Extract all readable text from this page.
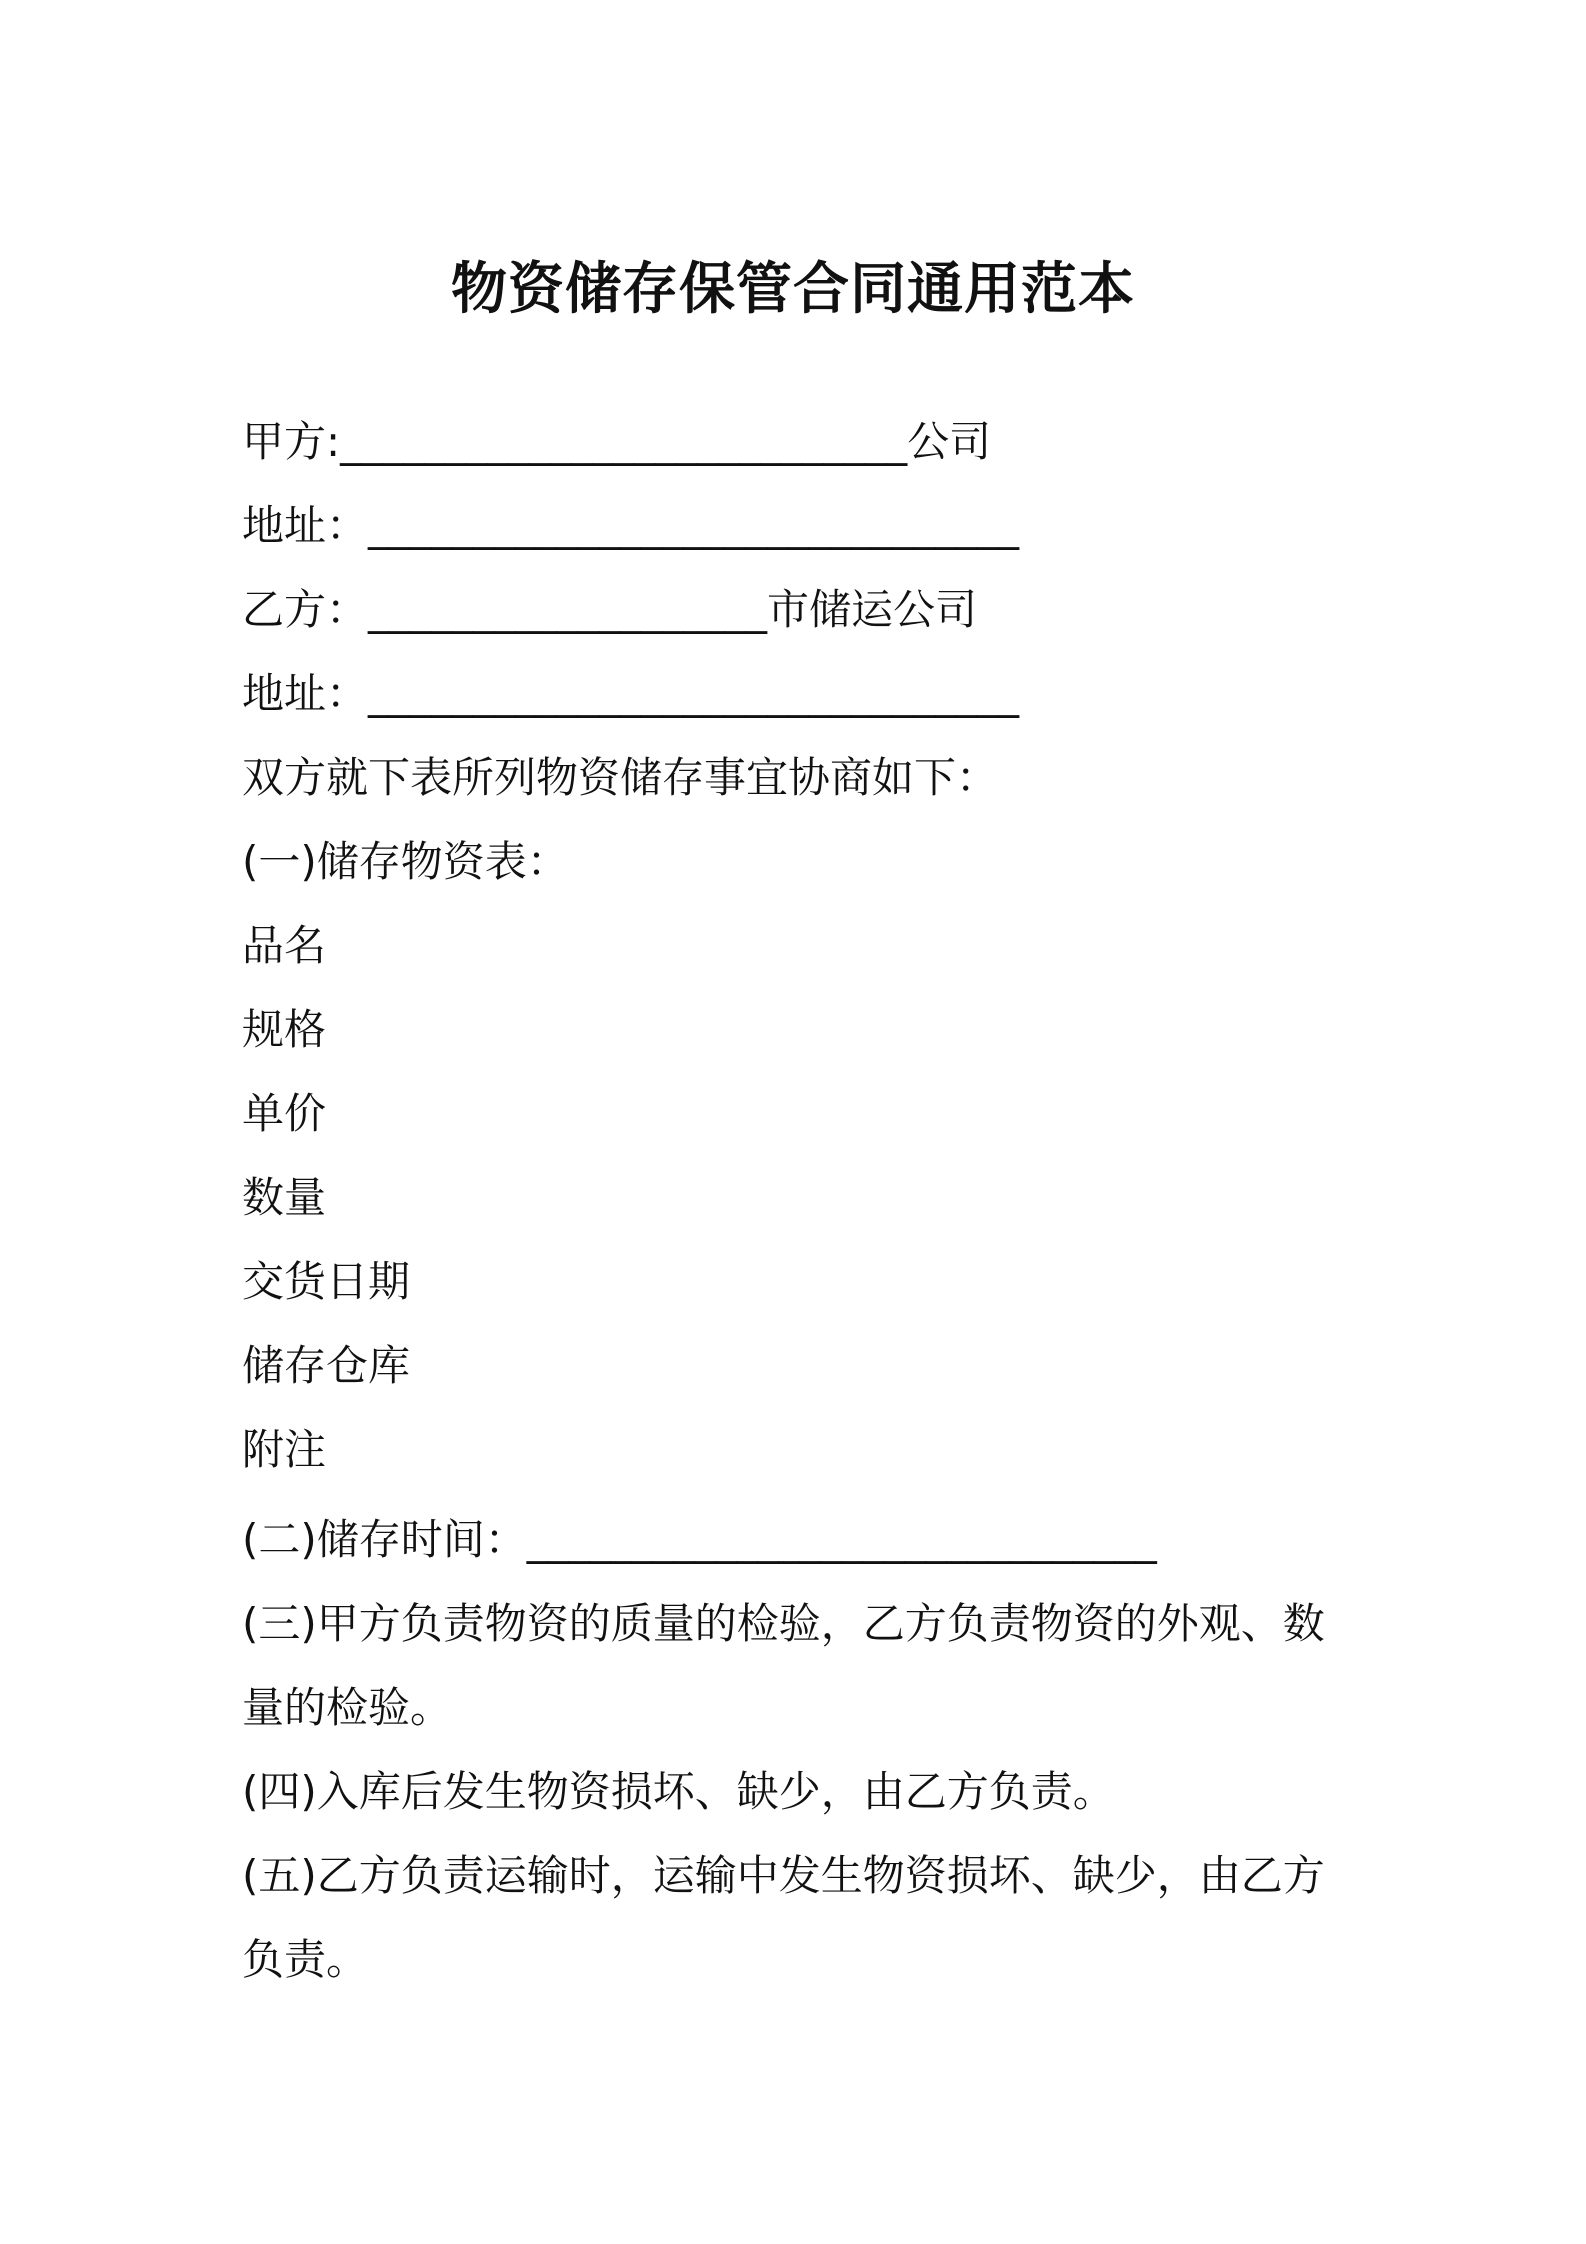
物资储存保管合同通用范本

甲方:___________________________公司

地址：_______________________________

乙方：___________________市储运公司

地址：_______________________________

双方就下表所列物资储存事宜协商如下：

(一)储存物资表：

品名

规格

单价

数量

交货日期

储存仓库

附注

(二)储存时间：______________________________

(三)甲方负责物资的质量的检验，乙方负责物资的外观、数

量的检验。

(四)入库后发生物资损坏、缺少，由乙方负责。

(五)乙方负责运输时，运输中发生物资损坏、缺少，由乙方

负责。
